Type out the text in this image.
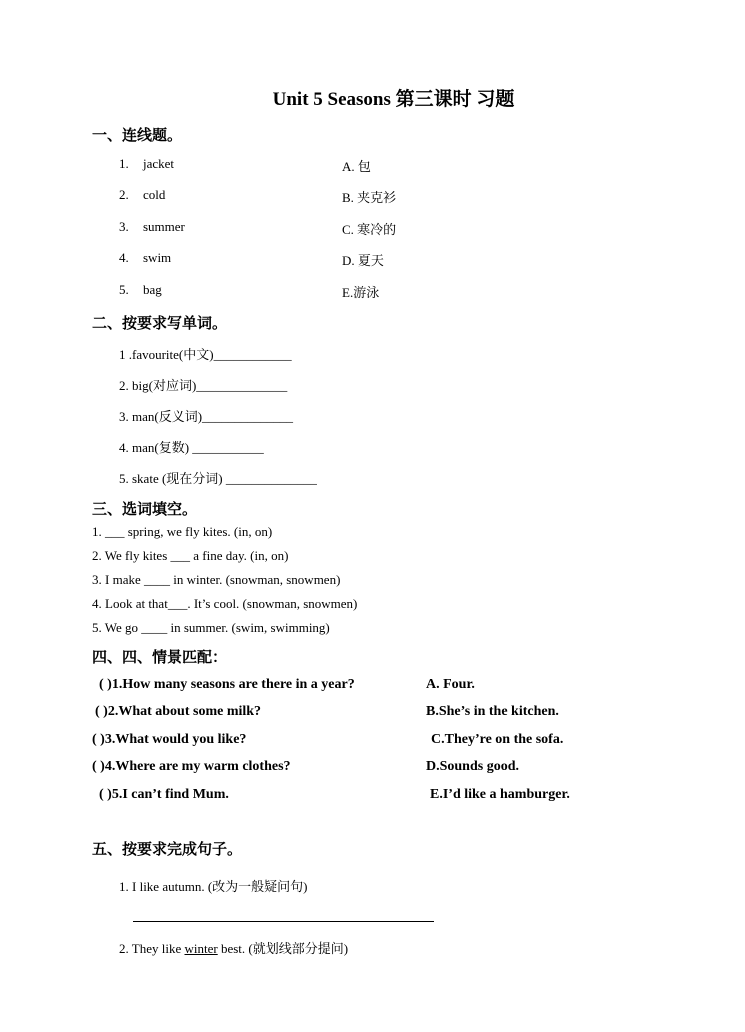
Unit 5 Seasons 第三课时 习题
一、连线题。
1. jacket
2. cold
3. summer
4. swim
5. bag
A. 包
B. 夹克衫
C. 寒冷的
D. 夏天
E.游泳
二、按要求写单词。
1 .favourite(中文)____________
2. big(对应词)______________
3. man(反义词)______________
4. man(复数) ___________
5. skate (现在分词) ______________
三、选词填空。
1. ___ spring, we fly kites. (in, on)
2. We fly kites ___ a fine day. (in, on)
3. I make ____ in winter. (snowman, snowmen)
4. Look at that___. It’s cool. (snowman, snowmen)
5. We go ____ in summer. (swim, swimming)
四、四、情景匹配：
( )1.How many seasons are there in a year?
( )2.What about some milk?
( )3.What would you like?
( )4.Where are my warm clothes?
( )5.I can’t find Mum.
A. Four.
B.She’s in the kitchen.
C.They’re on the sofa.
D.Sounds good.
E.I’d like a hamburger.
五、按要求完成句子。
1. I like autumn. (改为一般疑问句)
2. They like winter best. (就划线部分提问)
